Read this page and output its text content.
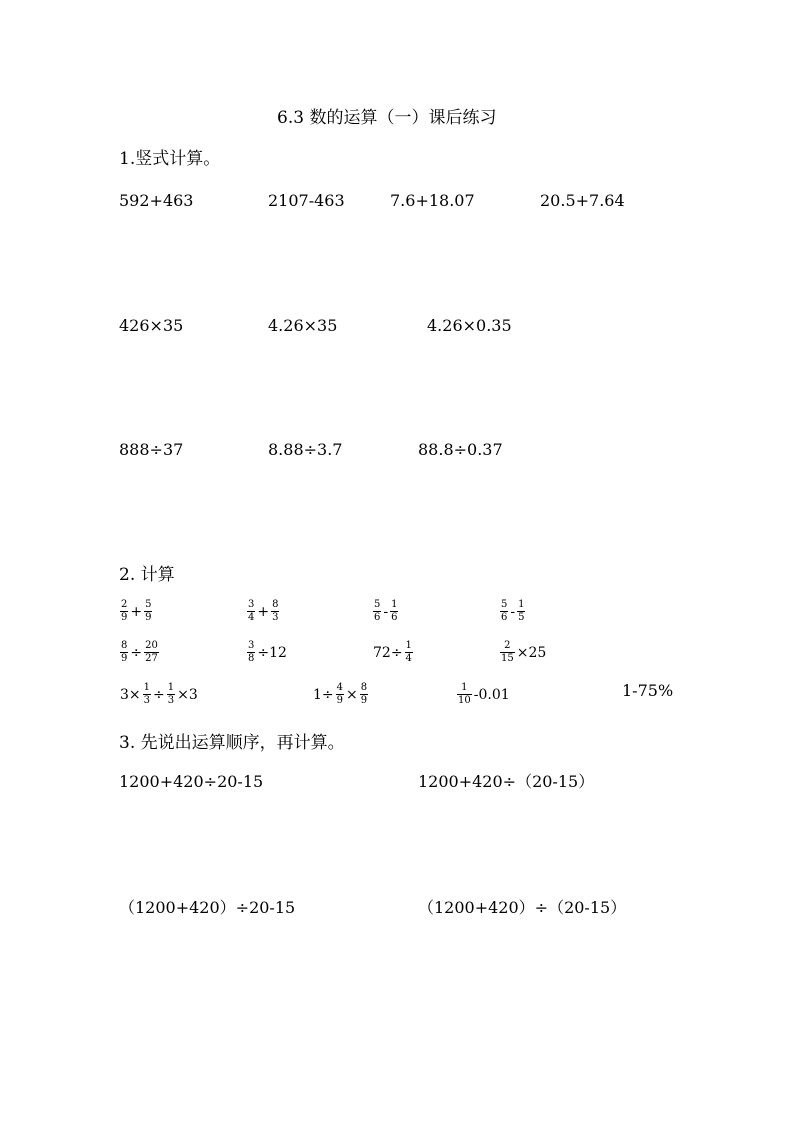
6.3 数的运算（一）课后练习
1.竖式计算。
592+463	2107-463	7.6+18.07	20.5+7.64
426×35	4.26×35	4.26×0.35
888÷37	8.88÷3.7	88.8÷0.37
2. 计算
$\frac{2}{9} + \frac{5}{9}$	$\frac{3}{4} + \frac{8}{3}$	$\frac{5}{6} - \frac{1}{6}$	$\frac{5}{6} - \frac{1}{5}$
$\frac{8}{9} \div \frac{20}{27}$	$\frac{3}{8} \div 12$	$72\div \frac{1}{4}$	$\frac{2}{15} \times 25$
$3\times \frac{1}{3} \div \frac{1}{3} \times 3$	$1\div \frac{4}{9} \times \frac{8}{9}$	$\frac{1}{10} -0.01$	1-75%
3. 先说出运算顺序，再计算。
1200+420÷20-15	1200+420÷（20-15）
（1200+420）÷20-15	（1200+420）÷（20-15）
